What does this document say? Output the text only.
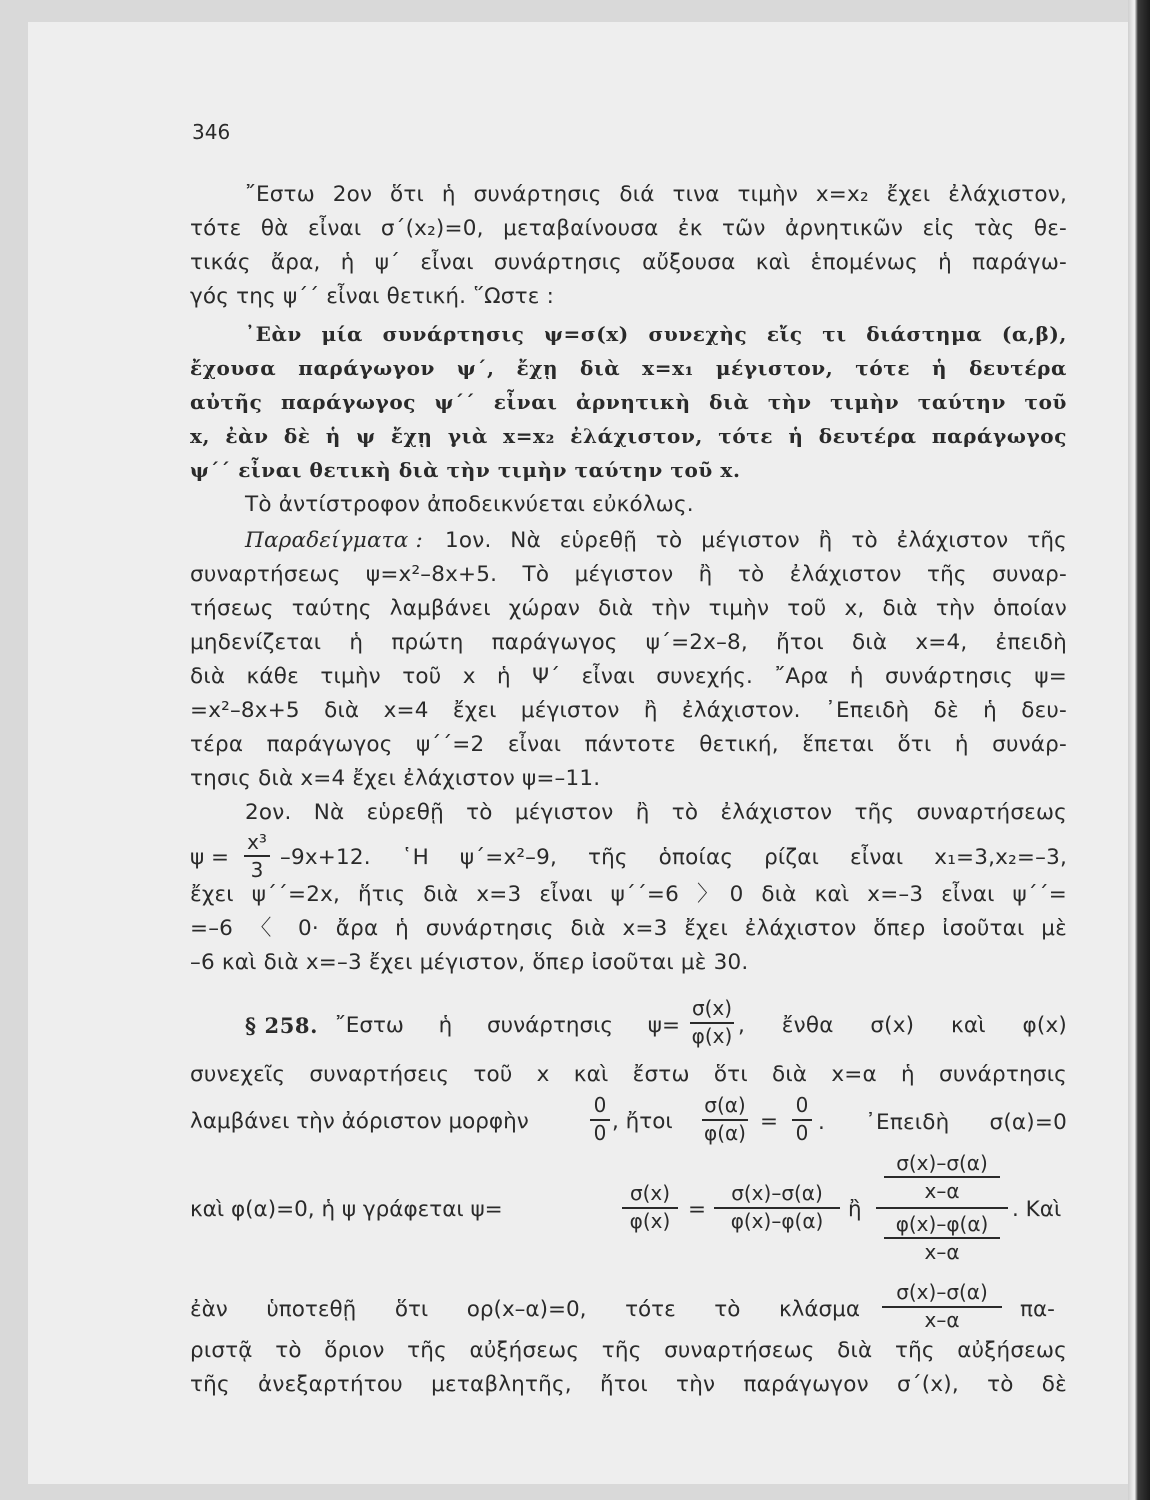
346
῎Εστω 2ον ὅτι ἡ συνάρτησις διά τινα τιμὴν x=x₂ ἔχει ἐλάχιστον,
τότε θὰ εἶναι σ΄(x₂)=0, μεταβαίνουσα ἐκ τῶν ἀρνητικῶν εἰς τὰς θε-
τικάς ἄρα, ἡ ψ΄ εἶναι συνάρτησις αὔξουσα καὶ ἑπομένως ἡ παράγω-
γός της ψ΄΄ εἶναι θετική. ῞Ωστε :
᾿Εὰν μία συνάρτησις ψ=σ(x) συνεχὴς εἴς τι διάστημα (α,β),
ἔχουσα παράγωγον ψ΄, ἔχῃ διὰ x=x₁ μέγιστον, τότε ἡ δευτέρα
αὐτῆς παράγωγος ψ΄΄ εἶναι ἀρνητικὴ διὰ τὴν τιμὴν ταύτην τοῦ
x, ἐὰν δὲ ἡ ψ ἔχῃ γιὰ x=x₂ ἐλάχιστον, τότε ἡ δευτέρα παράγωγος
ψ΄΄ εἶναι θετικὴ διὰ τὴν τιμὴν ταύτην τοῦ x.
Τὸ ἀντίστροφον ἀποδεικνύεται εὐκόλως.
Παραδείγματα : 1ον. Νὰ εὑρεθῇ τὸ μέγιστον ἢ τὸ ἐλάχιστον τῆς
συναρτήσεως ψ=x²–8x+5. Τὸ μέγιστον ἢ τὸ ἐλάχιστον τῆς συναρ-
τήσεως ταύτης λαμβάνει χώραν διὰ τὴν τιμὴν τοῦ x, διὰ τὴν ὁποίαν
μηδενίζεται ἡ πρώτη παράγωγος ψ΄=2x–8, ἤτοι διὰ x=4, ἐπειδὴ
διὰ κάθε τιμὴν τοῦ x ἡ Ψ΄ εἶναι συνεχής. ῎Αρα ἡ συνάρτησις ψ=
=x²–8x+5 διὰ x=4 ἔχει μέγιστον ἢ ἐλάχιστον. ᾿Επειδὴ δὲ ἡ δευ-
τέρα παράγωγος ψ΄΄=2 εἶναι πάντοτε θετική, ἕπεται ὅτι ἡ συνάρ-
τησις διὰ x=4 ἔχει ἐλάχιστον ψ=–11.
2ον. Νὰ εὑρεθῇ τὸ μέγιστον ἢ τὸ ἐλάχιστον τῆς συναρτήσεως
ψ =
x³
3 –9x+12. ῾Η ψ΄=x²–9, τῆς ὁποίας ρίζαι εἶναι x₁=3,x₂=–3,
ἔχει ψ΄΄=2x, ἥτις διὰ x=3 εἶναι ψ΄΄=6 〉0 διὰ καὶ x=–3 εἶναι ψ΄΄=
=–6 〈 0· ἄρα ἡ συνάρτησις διὰ x=3 ἔχει ἐλάχιστον ὅπερ ἰσοῦται μὲ
–6 καὶ διὰ x=–3 ἔχει μέγιστον, ὅπερ ἰσοῦται μὲ 30.
§ 258. ῎Εστω ἡ συνάρτησις ψ=
σ(x)
φ(x) , ἔνθα σ(x) καὶ φ(x)
συνεχεῖς συναρτήσεις τοῦ x καὶ ἔστω ὅτι διὰ x=α ἡ συνάρτησις
λαμβάνει τὴν ἀόριστον μορφὴν
0
0 , ἤτοι
σ(α)
φ(α) =
0
0 . ᾿Επειδὴ σ(α)=0
καὶ φ(α)=0, ἡ ψ γράφεται ψ=
σ(x)
φ(x) =
σ(x)–σ(α)
φ(x)–φ(α)	ἢ
σ(x)–σ(α)
x–α
φ(x)–φ(α)
x–α
. Καὶ
ἐὰν ὑποτεθῇ ὅτι ορ(x–α)=0, τότε τὸ κλάσμα
σ(x)–σ(α)
x–α	πα-
ριστᾷ τὸ ὅριον τῆς αὐξήσεως τῆς συναρτήσεως διὰ τῆς αὐξήσεως
τῆς ἀνεξαρτήτου μεταβλητῆς, ἤτοι τὴν παράγωγον σ΄(x), τὸ δὲ
